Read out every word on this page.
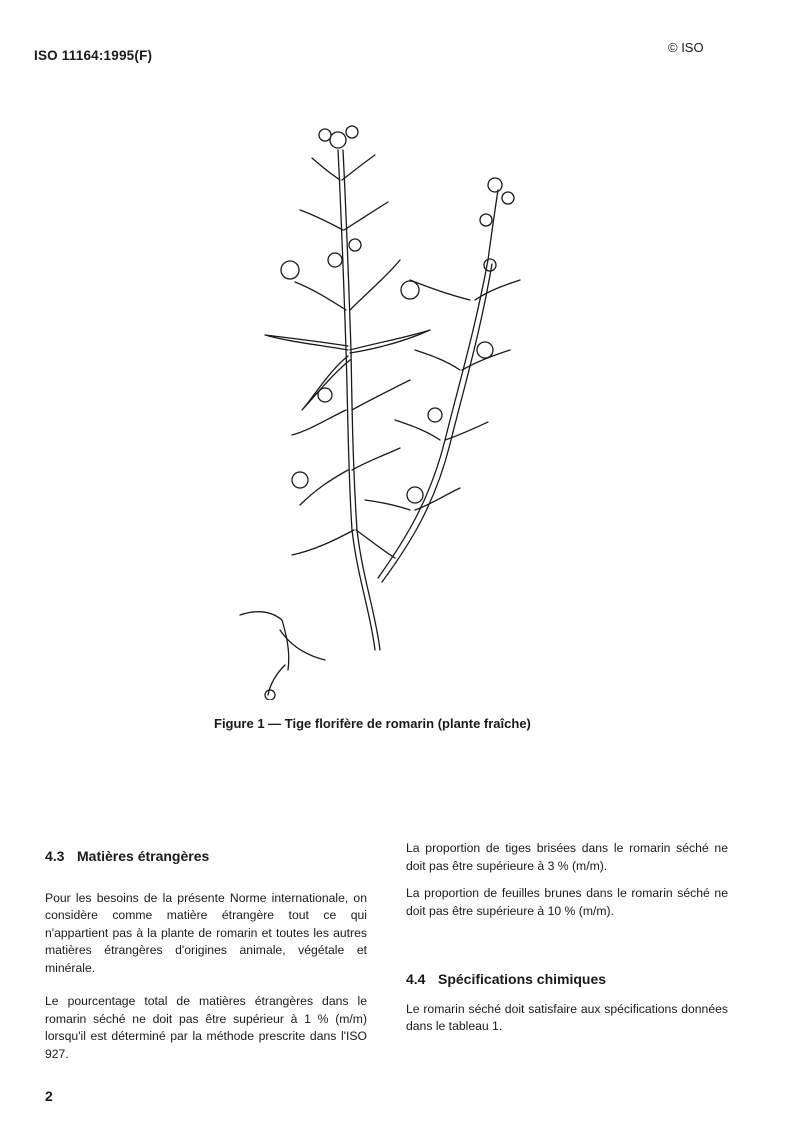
ISO 11164:1995(F)
© ISO
Figure 1 — Tige florifère de romarin (plante fraîche)
4.3 Matières étrangères

Pour les besoins de la présente Norme internationale, on considère comme matière étrangère tout ce qui n'appartient pas à la plante de romarin et toutes les autres matières étrangères d'origines animale, végétale et minérale.

Le pourcentage total de matières étrangères dans le romarin séché ne doit pas être supérieur à 1 % (m/m) lorsqu'il est déterminé par la méthode prescrite dans l'ISO 927.

La proportion de tiges brisées dans le romarin séché ne doit pas être supérieure à 3 % (m/m).

La proportion de feuilles brunes dans le romarin séché ne doit pas être supérieure à 10 % (m/m).

4.4 Spécifications chimiques

Le romarin séché doit satisfaire aux spécifications données dans le tableau 1.

2
